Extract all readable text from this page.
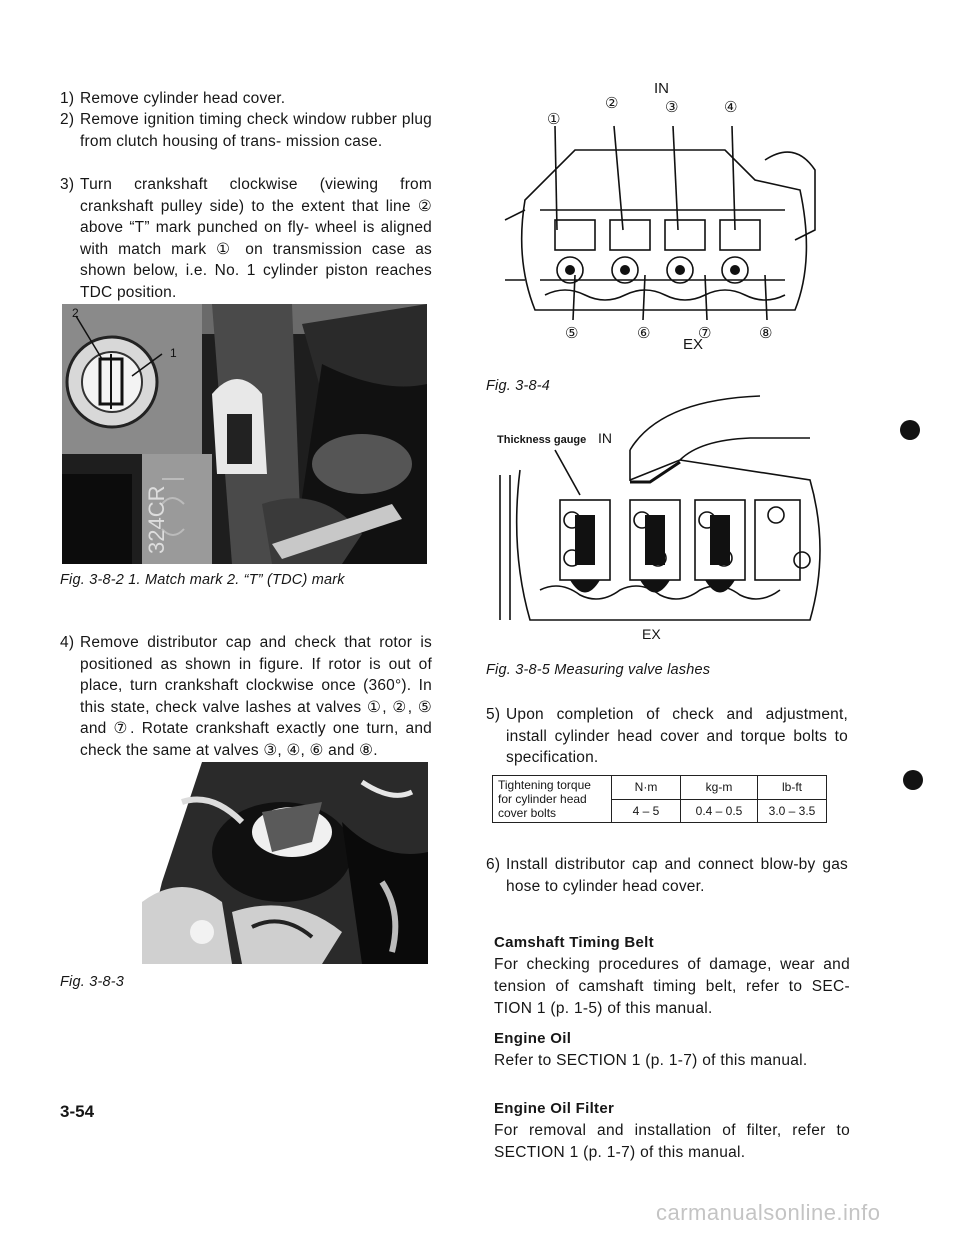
1) Remove cylinder head cover.
2) Remove ignition timing check window rubber plug from clutch housing of trans- mission case.
3) Turn crankshaft clockwise (viewing from crankshaft pulley side) to the extent that line ② above “T” mark punched on fly- wheel is aligned with match mark ① on transmission case as shown below, i.e. No. 1 cylinder piston reaches TDC position.
2
1
324CR
Fig. 3-8-2 1. Match mark 2. “T” (TDC) mark
4) Remove distributor cap and check that rotor is positioned as shown in figure. If rotor is out of place, turn crankshaft clockwise once (360°). In this state, check valve lashes at valves ①, ②, ⑤ and ⑦. Rotate crankshaft exactly one turn, and check the same at valves ③, ④, ⑥ and ⑧.
Fig. 3-8-3
3-54
IN
EX
①
②	③	④
⑤	⑥	⑦	⑧
Fig. 3-8-4
Thickness gauge IN
EX
Fig. 3-8-5 Measuring valve lashes
5) Upon completion of check and adjustment, install cylinder head cover and torque bolts to specification.
Tightening torque for cylinder head cover bolts	N·m	kg-m	lb-ft
	4 – 5	0.4 – 0.5	3.0 – 3.5
6) Install distributor cap and connect blow-by gas hose to cylinder head cover.
Camshaft Timing Belt
For checking procedures of damage, wear and tension of camshaft timing belt, refer to SEC- TION 1 (p. 1-5) of this manual.
Engine Oil
Refer to SECTION 1 (p. 1-7) of this manual.
Engine Oil Filter
For removal and installation of filter, refer to SECTION 1 (p. 1-7) of this manual.
carmanualsonline.info
